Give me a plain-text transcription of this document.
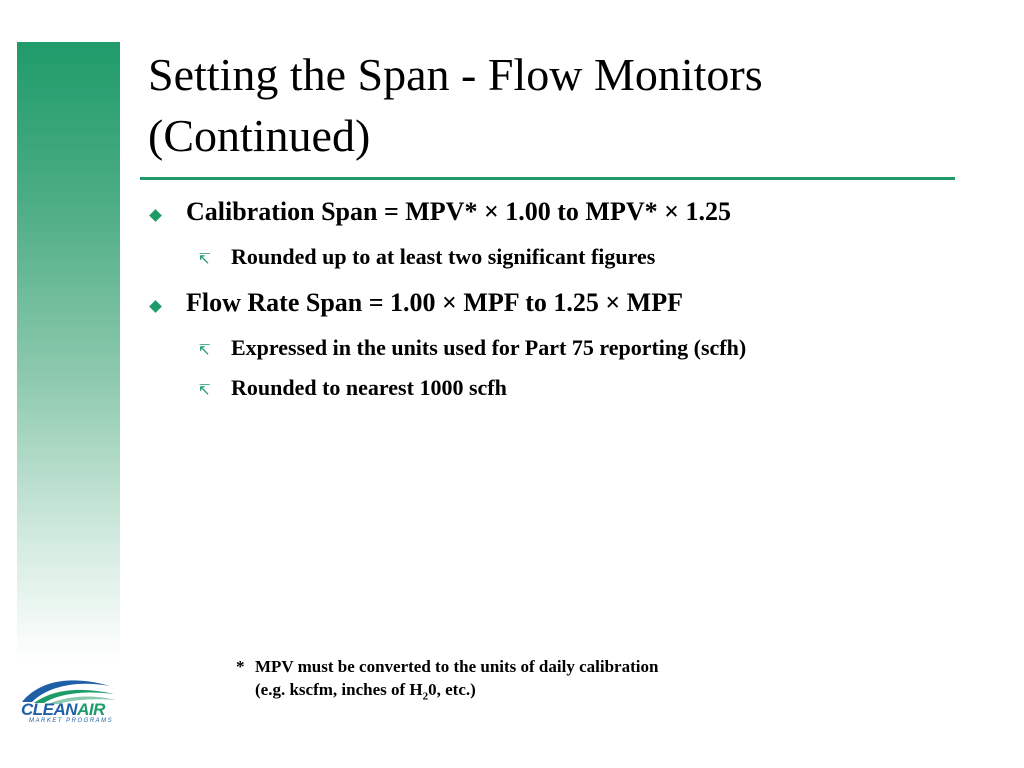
Setting the Span - Flow Monitors
(Continued)
Calibration Span = MPV* × 1.00 to MPV* × 1.25
↸ Rounded up to at least two significant figures
Flow Rate Span = 1.00 × MPF to 1.25 × MPF
↸ Expressed in the units used for Part 75 reporting (scfh)
↸ Rounded to nearest 1000 scfh
* MPV must be converted to the units of daily calibration
(e.g. kscfm, inches of $H_20$, etc.)
CLEANAIR
MARKET PROGRAMS
